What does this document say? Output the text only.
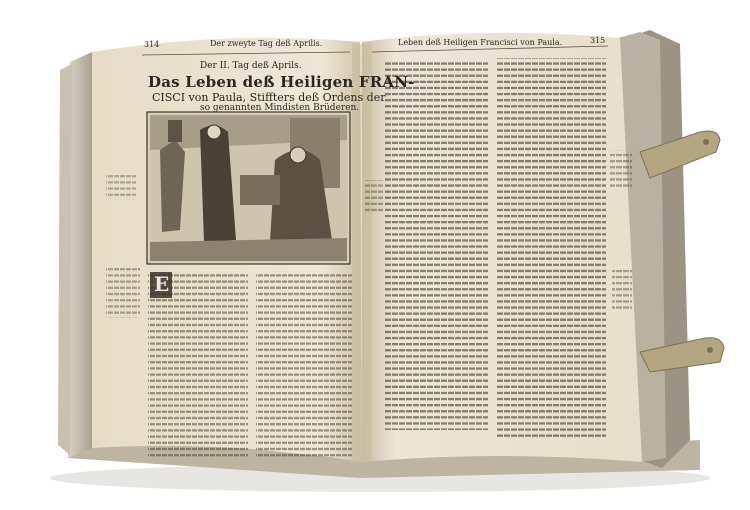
314	Der zweyte Tag deß Aprilis.
Der II. Tag deß Aprils.
Das Leben deß Heiligen FRAN-
CISCI von Paula, Stiffters deß Ordens der
so genannten Mindisten Brüderen.
E
Leben deß Heiligen Francisci von Paula.	315
